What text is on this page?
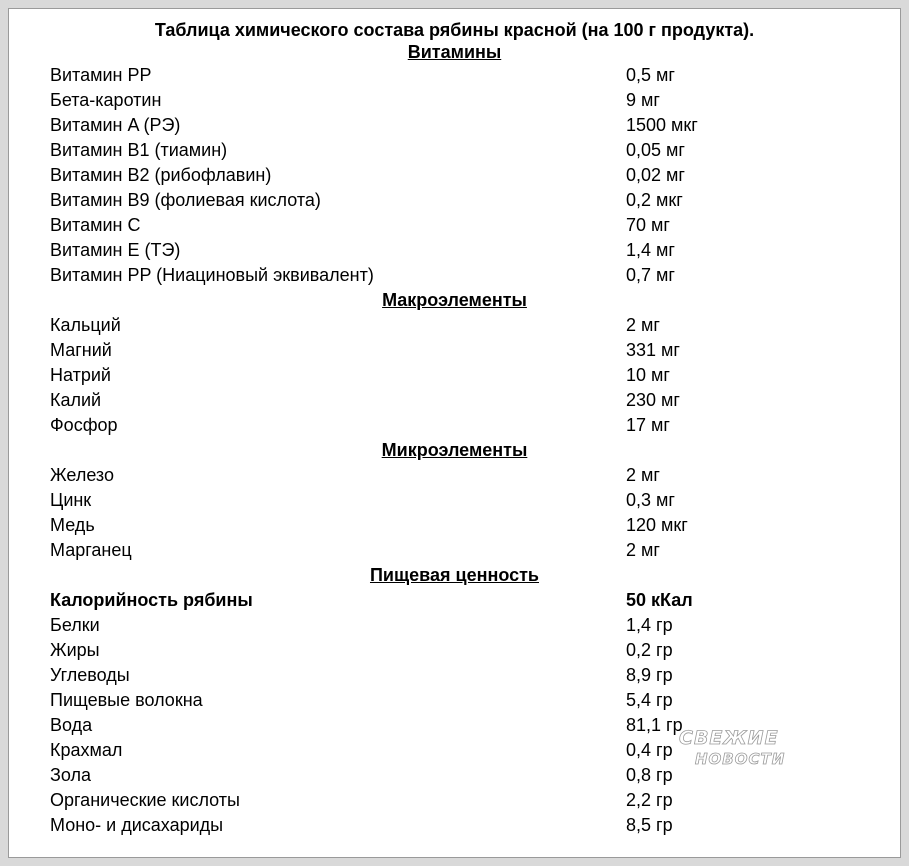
Таблица химического состава рябины красной (на 100 г продукта).
Витамины
Витамин PP	0,5 мг
Бета-каротин	9 мг
Витамин A (РЭ)	1500 мкг
Витамин B1 (тиамин)	0,05 мг
Витамин B2 (рибофлавин)	0,02 мг
Витамин B9 (фолиевая кислота)	0,2 мкг
Витамин C	70 мг
Витамин E (ТЭ)	1,4 мг
Витамин PP (Ниациновый эквивалент)	0,7 мг
Макроэлементы
Кальций	2 мг
Магний	331 мг
Натрий	10 мг
Калий	230 мг
Фосфор	17 мг
Микроэлементы
Железо	2 мг
Цинк	0,3 мг
Медь	120 мкг
Марганец	2 мг
Пищевая ценность
Калорийность рябины	50 кКал
Белки	1,4 гр
Жиры	0,2 гр
Углеводы	8,9 гр
Пищевые волокна	5,4 гр
Вода	81,1 гр
Крахмал	0,4 гр
Зола	0,8 гр
Органические кислоты	2,2 гр
Моно- и дисахариды	8,5 гр
СВЕЖИЕ
НОВОСТИ
